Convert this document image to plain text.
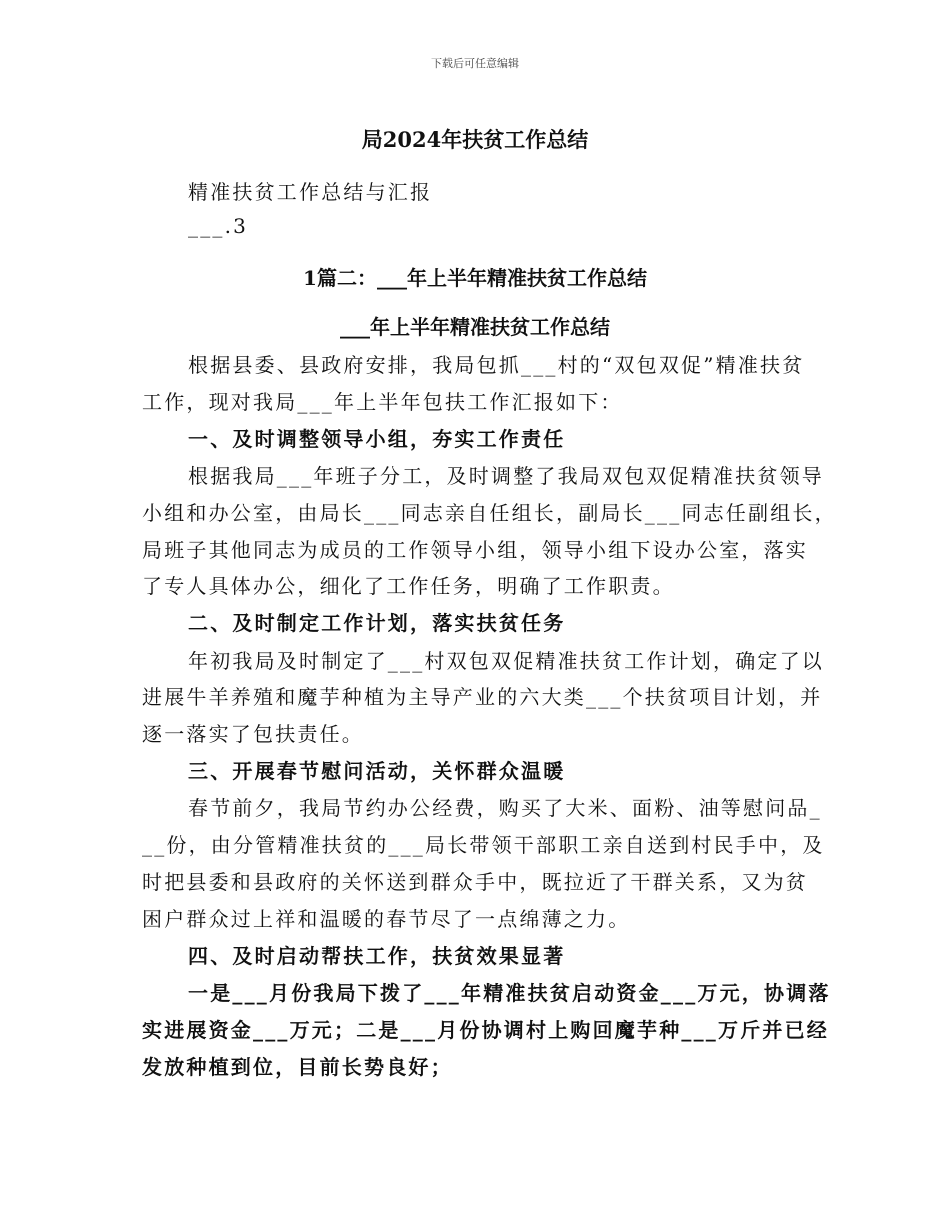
下载后可任意编辑
局2024年扶贫工作总结
精准扶贫工作总结与汇报
___.3
1篇二：___年上半年精准扶贫工作总结
___年上半年精准扶贫工作总结
根据县委、县政府安排，我局包抓___村的“双包双促”精准扶贫
工作，现对我局___年上半年包扶工作汇报如下：
一、及时调整领导小组，夯实工作责任
根据我局___年班子分工，及时调整了我局双包双促精准扶贫领导
小组和办公室，由局长___同志亲自任组长，副局长___同志任副组长，
局班子其他同志为成员的工作领导小组，领导小组下设办公室，落实
了专人具体办公，细化了工作任务，明确了工作职责。
二、及时制定工作计划，落实扶贫任务
年初我局及时制定了___村双包双促精准扶贫工作计划，确定了以
进展牛羊养殖和魔芋种植为主导产业的六大类___个扶贫项目计划，并
逐一落实了包扶责任。
三、开展春节慰问活动，关怀群众温暖
春节前夕，我局节约办公经费，购买了大米、面粉、油等慰问品_
__份，由分管精准扶贫的___局长带领干部职工亲自送到村民手中，及
时把县委和县政府的关怀送到群众手中，既拉近了干群关系，又为贫
困户群众过上祥和温暖的春节尽了一点绵薄之力。
四、及时启动帮扶工作，扶贫效果显著
一是___月份我局下拨了___年精准扶贫启动资金___万元，协调落
实进展资金___万元；二是___月份协调村上购回魔芋种___万斤并已经
发放种植到位，目前长势良好；
